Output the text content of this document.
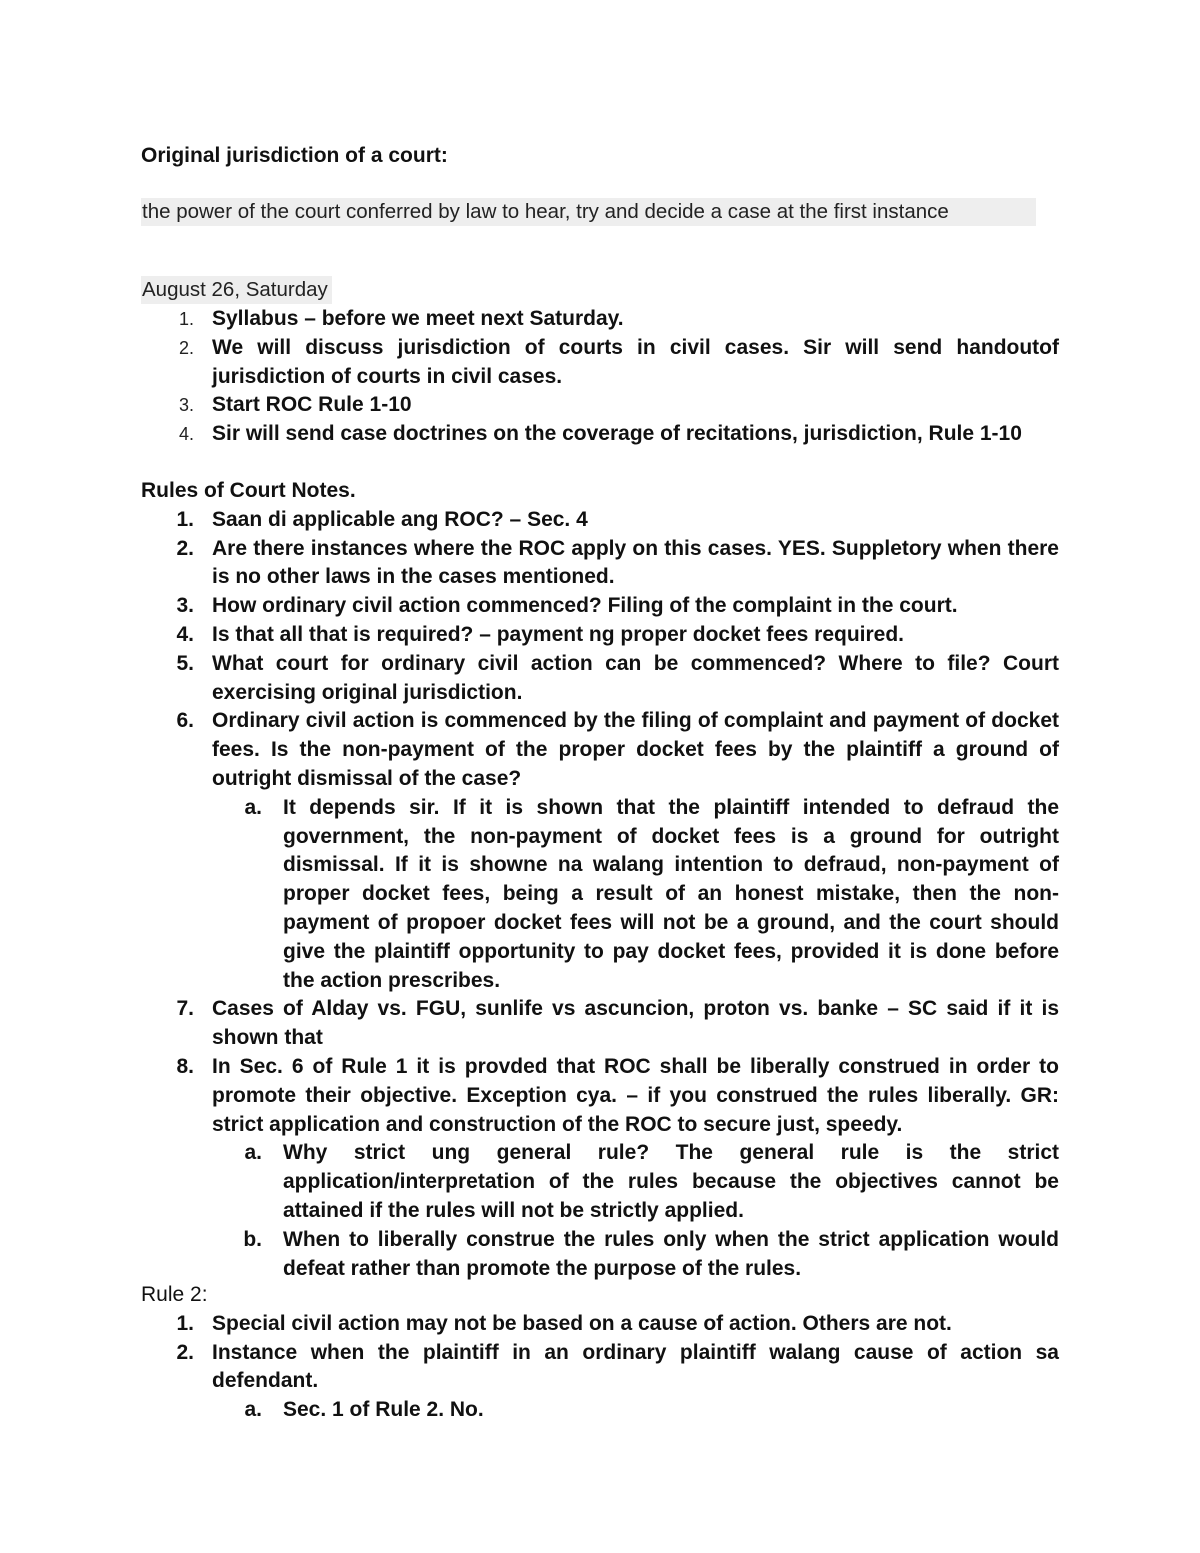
Original jurisdiction of a court:
the power of the court conferred by law to hear, try and decide a case at the first instance
August 26, Saturday
1. Syllabus – before we meet next Saturday.
2. We will discuss jurisdiction of courts in civil cases. Sir will send handoutof jurisdiction of courts in civil cases.
3. Start ROC Rule 1-10
4. Sir will send case doctrines on the coverage of recitations, jurisdiction, Rule 1-10
Rules of Court Notes.
1. Saan di applicable ang ROC? – Sec. 4
2. Are there instances where the ROC apply on this cases. YES. Suppletory when there is no other laws in the cases mentioned.
3. How ordinary civil action commenced? Filing of the complaint in the court.
4. Is that all that is required? – payment ng proper docket fees required.
5. What court for ordinary civil action can be commenced? Where to file? Court exercising original jurisdiction.
6. Ordinary civil action is commenced by the filing of complaint and payment of docket fees. Is the non-payment of the proper docket fees by the plaintiff a ground of outright dismissal of the case?
a. It depends sir. If it is shown that the plaintiff intended to defraud the government, the non-payment of docket fees is a ground for outright dismissal. If it is showne na walang intention to defraud, non-payment of proper docket fees, being a result of an honest mistake, then the non-payment of propoer docket fees will not be a ground, and the court should give the plaintiff opportunity to pay docket fees, provided it is done before the action prescribes.
7. Cases of Alday vs. FGU, sunlife vs ascuncion, proton vs. banke – SC said if it is shown that
8. In Sec. 6 of Rule 1 it is provded that ROC shall be liberally construed in order to promote their objective. Exception cya. – if you construed the rules liberally. GR: strict application and construction of the ROC to secure just, speedy.
a. Why strict ung general rule? The general rule is the strict application/interpretation of the rules because the objectives cannot be attained if the rules will not be strictly applied.
b. When to liberally construe the rules only when the strict application would defeat rather than promote the purpose of the rules.
Rule 2:
1. Special civil action may not be based on a cause of action. Others are not.
2. Instance when the plaintiff in an ordinary plaintiff walang cause of action sa defendant.
a. Sec. 1 of Rule 2. No.
